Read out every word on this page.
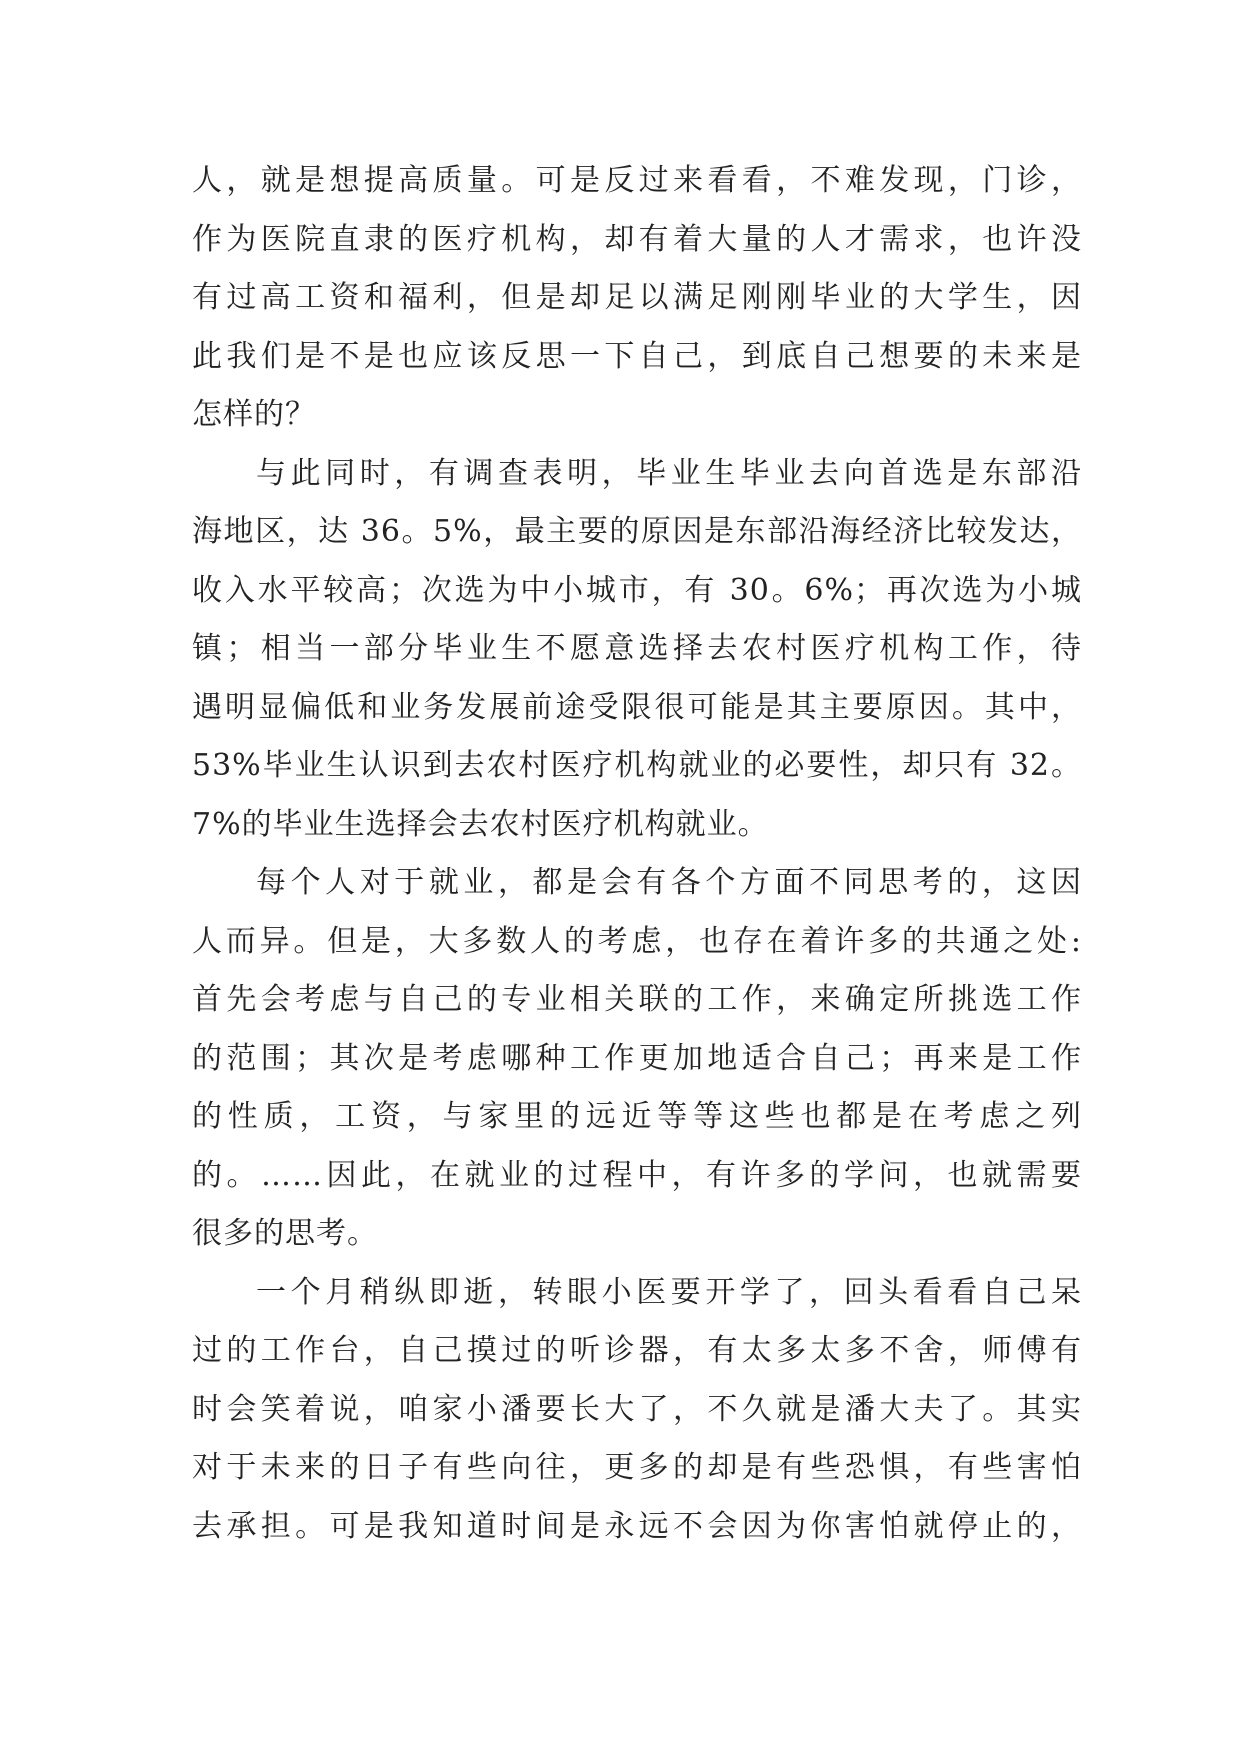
人，就是想提高质量。可是反过来看看，不难发现，门诊，
作为医院直隶的医疗机构，却有着大量的人才需求，也许没
有过高工资和福利，但是却足以满足刚刚毕业的大学生，因
此我们是不是也应该反思一下自己，到底自己想要的未来是
怎样的？
与此同时，有调查表明，毕业生毕业去向首选是东部沿
海地区，达 36。5%，最主要的原因是东部沿海经济比较发达，
收入水平较高；次选为中小城市，有 30。6%；再次选为小城
镇；相当一部分毕业生不愿意选择去农村医疗机构工作，待
遇明显偏低和业务发展前途受限很可能是其主要原因。其中，
53%毕业生认识到去农村医疗机构就业的必要性，却只有 32。
7%的毕业生选择会去农村医疗机构就业。
每个人对于就业，都是会有各个方面不同思考的，这因
人而异。但是，大多数人的考虑，也存在着许多的共通之处:
首先会考虑与自己的专业相关联的工作，来确定所挑选工作
的范围；其次是考虑哪种工作更加地适合自己；再来是工作
的性质，工资，与家里的远近等等这些也都是在考虑之列
的。……因此，在就业的过程中，有许多的学问，也就需要
很多的思考。
一个月稍纵即逝，转眼小医要开学了，回头看看自己呆
过的工作台，自己摸过的听诊器，有太多太多不舍，师傅有
时会笑着说，咱家小潘要长大了，不久就是潘大夫了。其实
对于未来的日子有些向往，更多的却是有些恐惧，有些害怕
去承担。可是我知道时间是永远不会因为你害怕就停止的，
